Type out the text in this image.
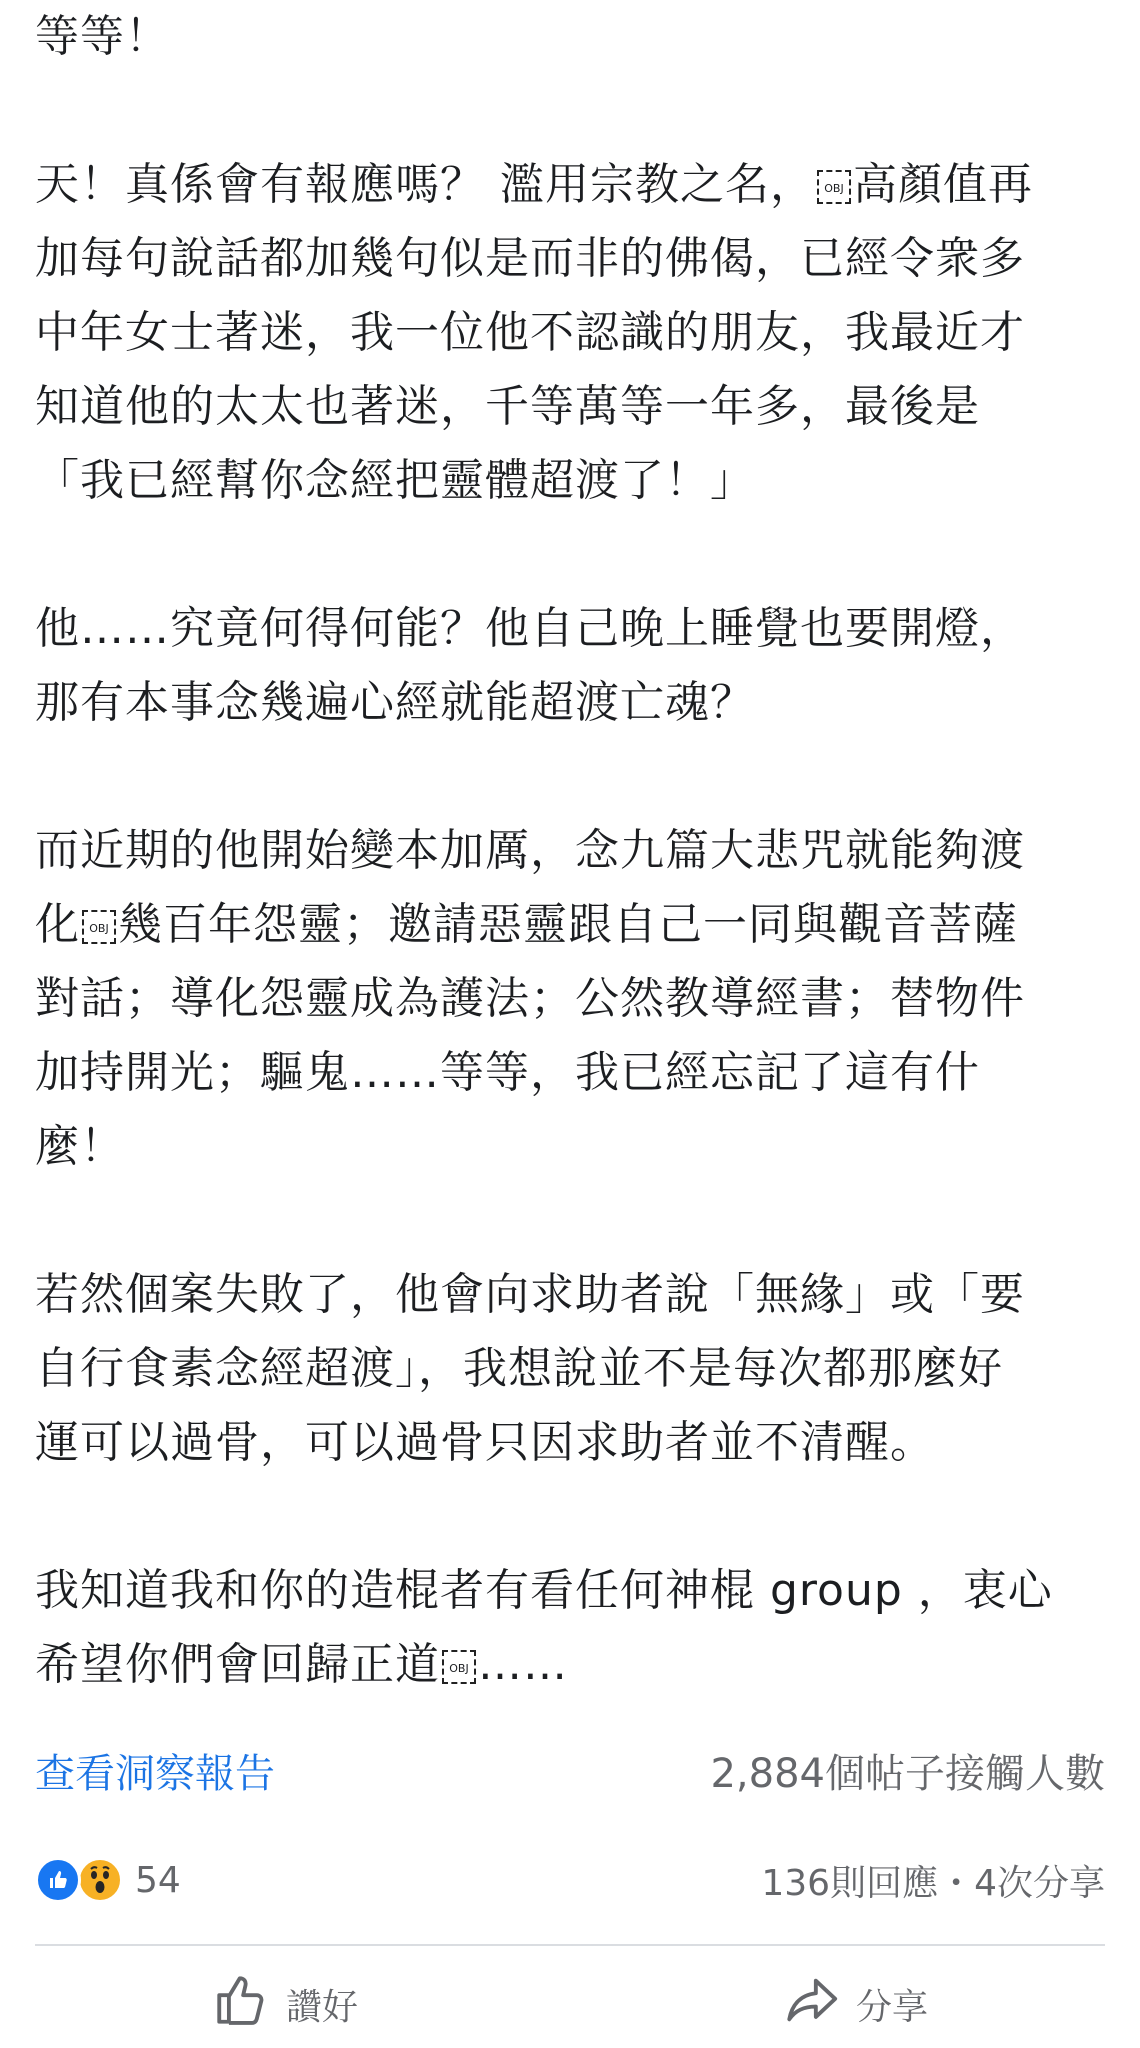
等等！
天！真係會有報應嗎？ 濫用宗教之名， OBJ 高顏值再
加每句說話都加幾句似是而非的佛偈，已經令衆多
中年女士著迷，我一位他不認識的朋友，我最近才
知道他的太太也著迷，千等萬等一年多，最後是
「我已經幫你念經把靈體超渡了！」
他……究竟何得何能？他自己晚上睡覺也要開燈，
那有本事念幾遍心經就能超渡亡魂？
而近期的他開始變本加厲，念九篇大悲咒就能夠渡
化 OBJ 幾百年怨靈；邀請惡靈跟自己一同與觀音菩薩
對話；導化怨靈成為護法；公然教導經書；替物件
加持開光；驅鬼……等等，我已經忘記了這有什
麼！
若然個案失敗了，他會向求助者說「無緣」或「要
自行食素念經超渡」，我想說並不是每次都那麼好
運可以過骨，可以過骨只因求助者並不清醒。
我知道我和你的造棍者有看任何神棍 group ，衷心
希望你們會回歸正道 OBJ ……
查看洞察報告	2,884個帖子接觸人數
54	136則回應・4次分享
讚好	分享
